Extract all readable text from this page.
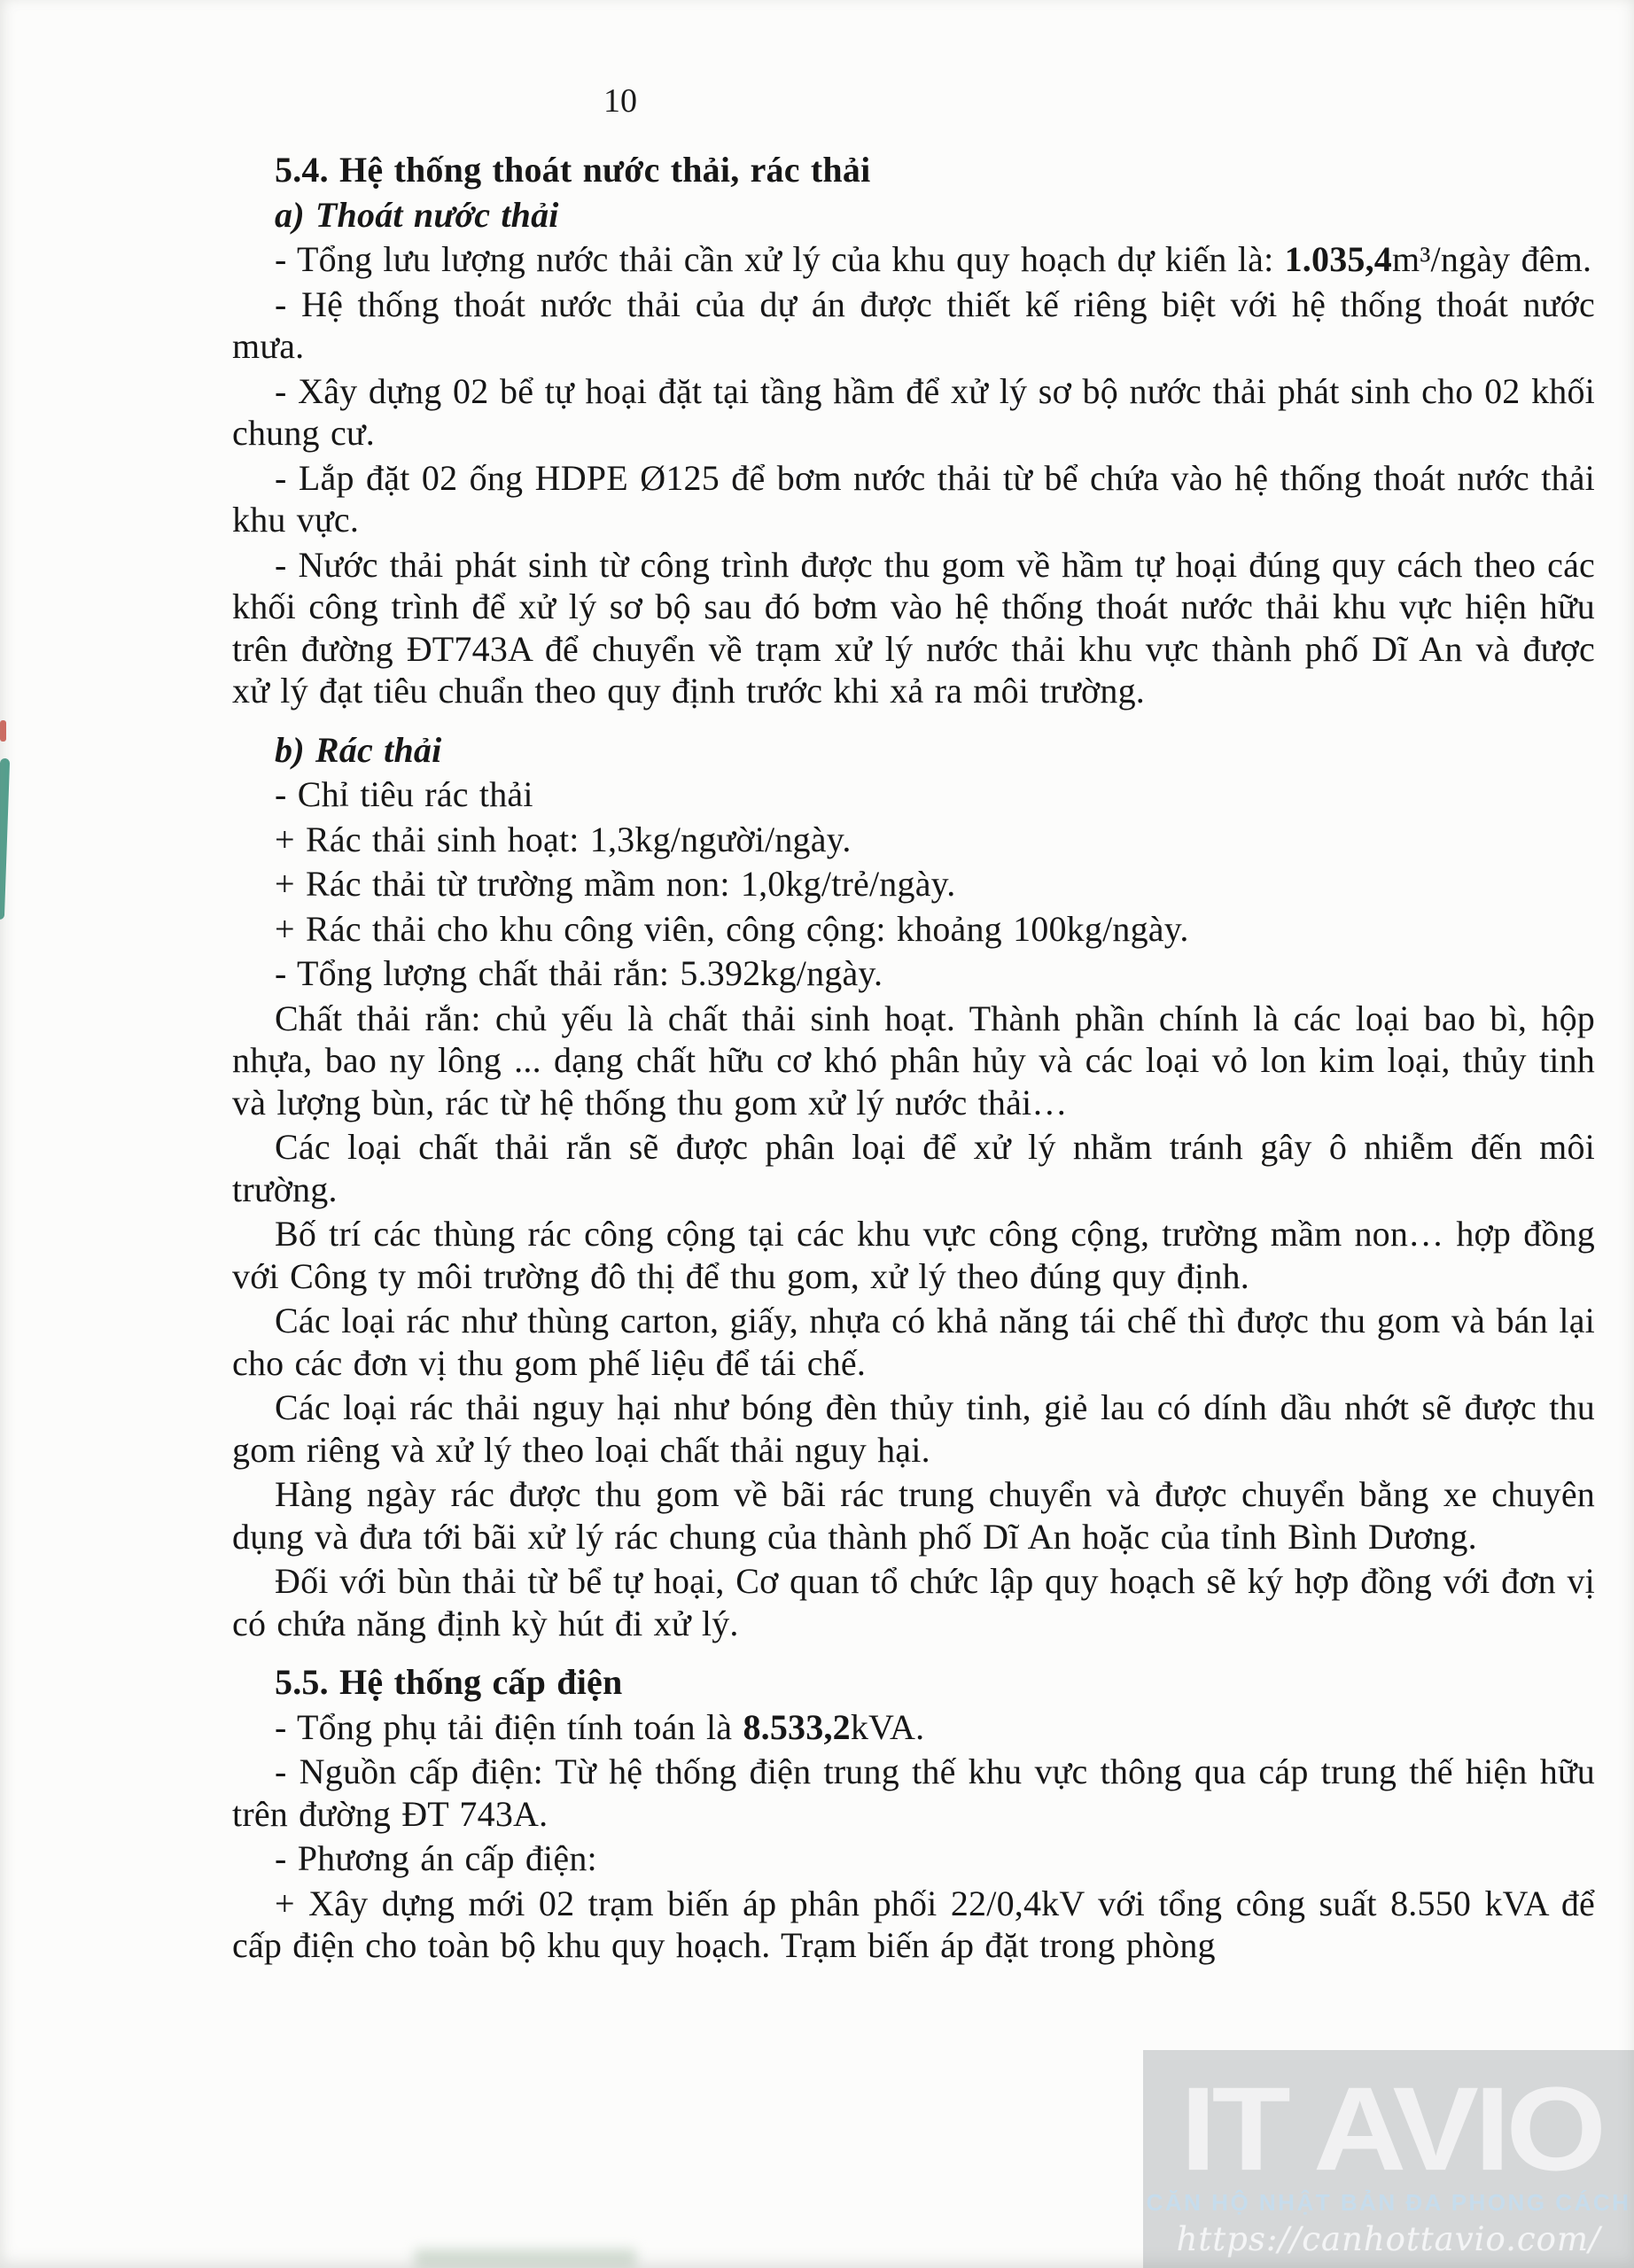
10

5.4. Hệ thống thoát nước thải, rác thải

a) Thoát nước thải

- Tổng lưu lượng nước thải cần xử lý của khu quy hoạch dự kiến là: 1.035,4m³/ngày đêm.

- Hệ thống thoát nước thải của dự án được thiết kế riêng biệt với hệ thống thoát nước mưa.

- Xây dựng 02 bể tự hoại đặt tại tầng hầm để xử lý sơ bộ nước thải phát sinh cho 02 khối chung cư.

- Lắp đặt 02 ống HDPE Ø125 để bơm nước thải từ bể chứa vào hệ thống thoát nước thải khu vực.

- Nước thải phát sinh từ công trình được thu gom về hầm tự hoại đúng quy cách theo các khối công trình để xử lý sơ bộ sau đó bơm vào hệ thống thoát nước thải khu vực hiện hữu trên đường ĐT743A để chuyển về trạm xử lý nước thải khu vực thành phố Dĩ An và được xử lý đạt tiêu chuẩn theo quy định trước khi xả ra môi trường.

b) Rác thải

- Chỉ tiêu rác thải

+ Rác thải sinh hoạt: 1,3kg/người/ngày.

+ Rác thải từ trường mầm non: 1,0kg/trẻ/ngày.

+ Rác thải cho khu công viên, công cộng: khoảng 100kg/ngày.

- Tổng lượng chất thải rắn: 5.392kg/ngày.

Chất thải rắn: chủ yếu là chất thải sinh hoạt. Thành phần chính là các loại bao bì, hộp nhựa, bao ny lông ... dạng chất hữu cơ khó phân hủy và các loại vỏ lon kim loại, thủy tinh và lượng bùn, rác từ hệ thống thu gom xử lý nước thải…

Các loại chất thải rắn sẽ được phân loại để xử lý nhằm tránh gây ô nhiễm đến môi trường.

Bố trí các thùng rác công cộng tại các khu vực công cộng, trường mầm non… hợp đồng với Công ty môi trường đô thị để thu gom, xử lý theo đúng quy định.

Các loại rác như thùng carton, giấy, nhựa có khả năng tái chế thì được thu gom và bán lại cho các đơn vị thu gom phế liệu để tái chế.

Các loại rác thải nguy hại như bóng đèn thủy tinh, giẻ lau có dính dầu nhớt sẽ được thu gom riêng và xử lý theo loại chất thải nguy hại.

Hàng ngày rác được thu gom về bãi rác trung chuyển và được chuyển bằng xe chuyên dụng và đưa tới bãi xử lý rác chung của thành phố Dĩ An hoặc của tỉnh Bình Dương.

Đối với bùn thải từ bể tự hoại, Cơ quan tổ chức lập quy hoạch sẽ ký hợp đồng với đơn vị có chứa năng định kỳ hút đi xử lý.

5.5. Hệ thống cấp điện

- Tổng phụ tải điện tính toán là 8.533,2kVA.

- Nguồn cấp điện: Từ hệ thống điện trung thế khu vực thông qua cáp trung thế hiện hữu trên đường ĐT 743A.

- Phương án cấp điện:

+ Xây dựng mới 02 trạm biến áp phân phối 22/0,4kV với tổng công suất 8.550 kVA để cấp điện cho toàn bộ khu quy hoạch. Trạm biến áp đặt trong phòng

IT AVIO
CĂN HỘ NHẬT BẢN ĐA PHONG CÁCH
https://canhottavio.com/
